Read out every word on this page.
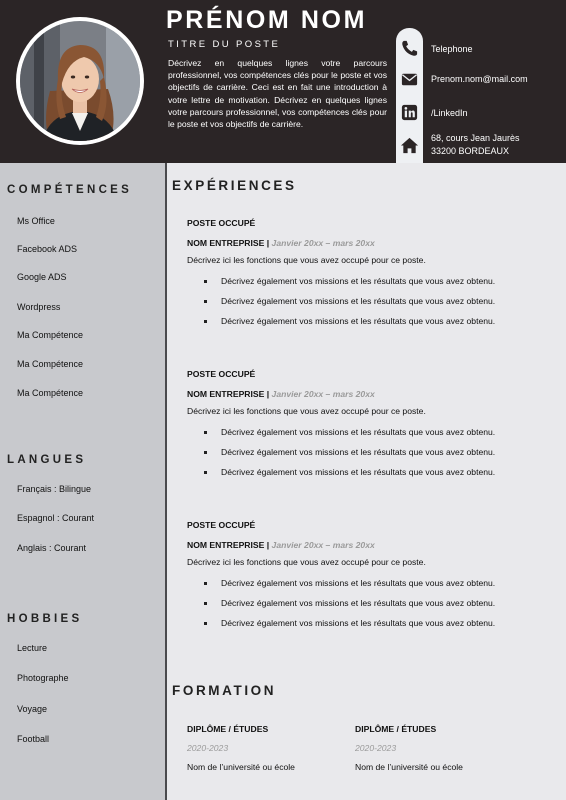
PRÉNOM NOM
TITRE DU POSTE

Décrivez en quelques lignes votre parcours professionnel, vos compétences clés pour le poste et vos objectifs de carrière. Ceci est en fait une introduction à votre lettre de motivation. Décrivez en quelques lignes votre parcours professionnel, vos compétences clés pour le poste et vos objectifs de carrière.

Telephone
Prenom.nom@mail.com
/LinkedIn
68, cours Jean Jaurès
33200 BORDEAUX
COMPÉTENCES
Ms Office
Facebook ADS
Google ADS
Wordpress
Ma Compétence
Ma Compétence
Ma Compétence
LANGUES
Français : Bilingue
Espagnol : Courant
Anglais : Courant
HOBBIES
Lecture
Photographe
Voyage
Football
EXPÉRIENCES
POSTE OCCUPÉ
NOM ENTREPRISE | Janvier 20xx – mars 20xx
Décrivez ici les fonctions que vous avez occupé pour ce poste.
Décrivez également vos missions et les résultats que vous avez obtenu.
Décrivez également vos missions et les résultats que vous avez obtenu.
Décrivez également vos missions et les résultats que vous avez obtenu.
POSTE OCCUPÉ
NOM ENTREPRISE | Janvier 20xx – mars 20xx
Décrivez ici les fonctions que vous avez occupé pour ce poste.
Décrivez également vos missions et les résultats que vous avez obtenu.
Décrivez également vos missions et les résultats que vous avez obtenu.
Décrivez également vos missions et les résultats que vous avez obtenu.
POSTE OCCUPÉ
NOM ENTREPRISE | Janvier 20xx – mars 20xx
Décrivez ici les fonctions que vous avez occupé pour ce poste.
Décrivez également vos missions et les résultats que vous avez obtenu.
Décrivez également vos missions et les résultats que vous avez obtenu.
Décrivez également vos missions et les résultats que vous avez obtenu.
FORMATION
DIPLÔME / ÉTUDES
2020-2023
Nom de l’université ou école
DIPLÔME / ÉTUDES
2020-2023
Nom de l’université ou école
